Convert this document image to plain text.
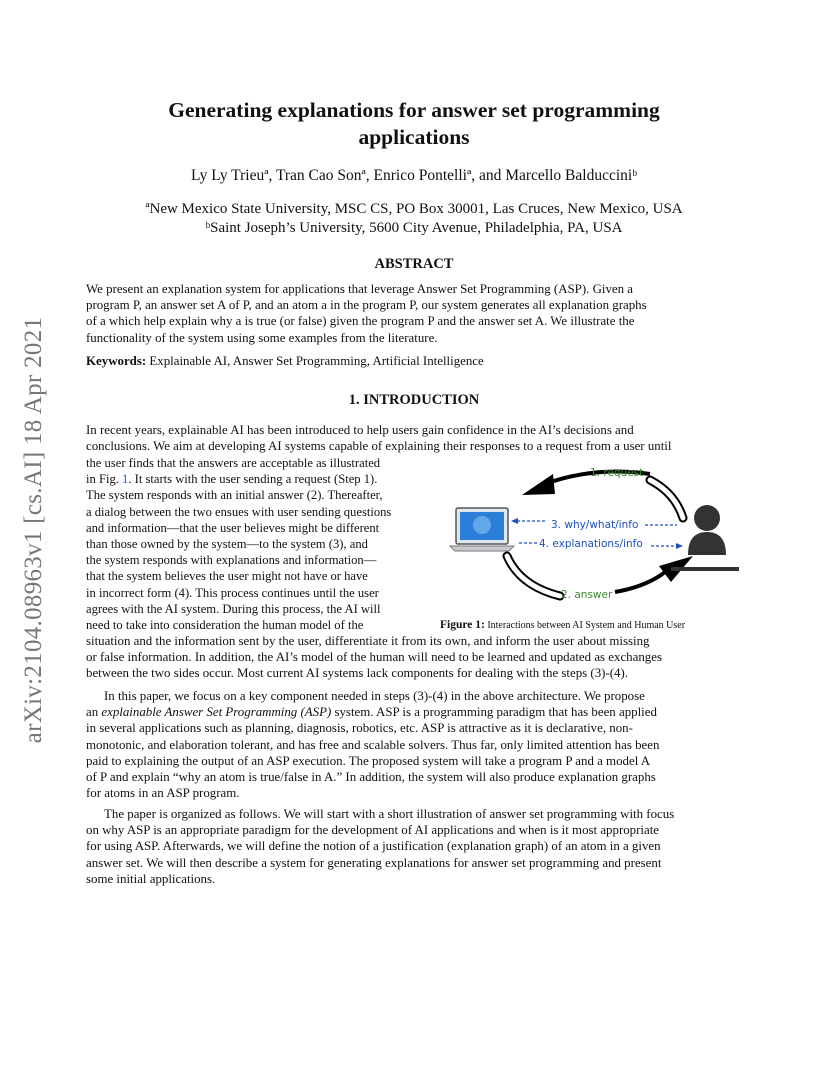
arXiv:2104.08963v1 [cs.AI] 18 Apr 2021
Generating explanations for answer set programming
applications
Ly Ly Trieuª, Tran Cao Sonª, Enrico Pontelliª, and Marcello Balducciniᵇ
ªNew Mexico State University, MSC CS, PO Box 30001, Las Cruces, New Mexico, USA
ᵇSaint Joseph’s University, 5600 City Avenue, Philadelphia, PA, USA
ABSTRACT
We present an explanation system for applications that leverage Answer Set Programming (ASP). Given a
program P, an answer set A of P, and an atom a in the program P, our system generates all explanation graphs
of a which help explain why a is true (or false) given the program P and the answer set A. We illustrate the
functionality of the system using some examples from the literature.
Keywords: Explainable AI, Answer Set Programming, Artificial Intelligence
1. INTRODUCTION
In recent years, explainable AI has been introduced to help users gain confidence in the AI’s decisions and
conclusions. We aim at developing AI systems capable of explaining their responses to a request from a user until
the user finds that the answers are acceptable as illustrated
in Fig. 1. It starts with the user sending a request (Step 1).
The system responds with an initial answer (2). Thereafter,
a dialog between the two ensues with user sending questions
and information—that the user believes might be different
than those owned by the system—to the system (3), and
the system responds with explanations and information—
that the system believes the user might not have or have
in incorrect form (4). This process continues until the user
agrees with the AI system. During this process, the AI will
need to take into consideration the human model of the
1. request
3. why/what/info
4. explanations/info
2. answer
Figure 1: Interactions between AI System and Human User
situation and the information sent by the user, differentiate it from its own, and inform the user about missing
or false information. In addition, the AI’s model of the human will need to be learned and updated as exchanges
between the two sides occur. Most current AI systems lack components for dealing with the steps (3)-(4).
In this paper, we focus on a key component needed in steps (3)-(4) in the above architecture. We propose
an explainable Answer Set Programming (ASP) system. ASP is a programming paradigm that has been applied
in several applications such as planning, diagnosis, robotics, etc. ASP is attractive as it is declarative, non-
monotonic, and elaboration tolerant, and has free and scalable solvers. Thus far, only limited attention has been
paid to explaining the output of an ASP execution. The proposed system will take a program P and a model A
of P and explain “why an atom is true/false in A.” In addition, the system will also produce explanation graphs
for atoms in an ASP program.
The paper is organized as follows. We will start with a short illustration of answer set programming with focus
on why ASP is an appropriate paradigm for the development of AI applications and when is it most appropriate
for using ASP. Afterwards, we will define the notion of a justification (explanation graph) of an atom in a given
answer set. We will then describe a system for generating explanations for answer set programming and present
some initial applications.
